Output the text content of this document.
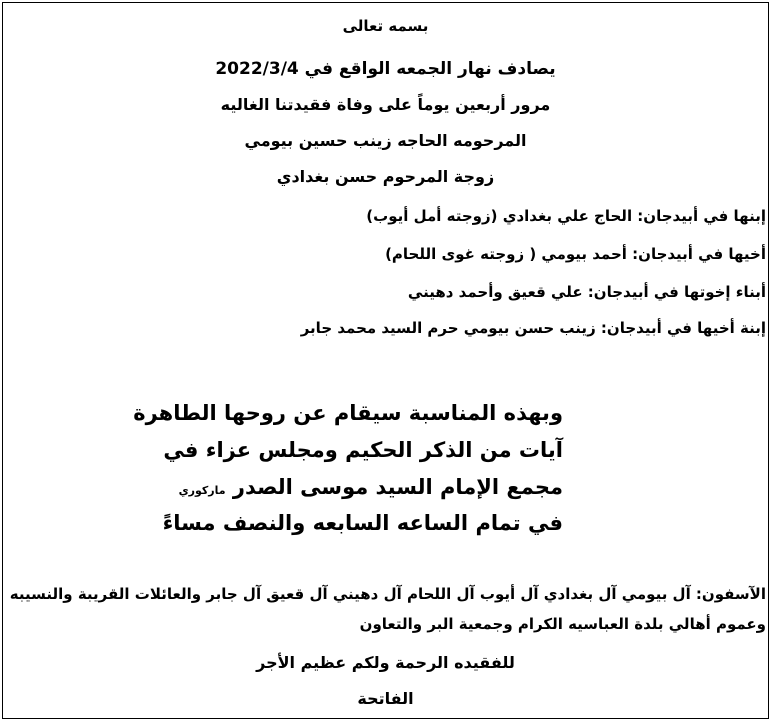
بسمه تعالى
يصادف نهار الجمعه الواقع في 2022/3/4
مرور أربعين يوماً على وفاة فقيدتنا الغاليه
المرحومه الحاجه زينب حسين بيومي
زوجة المرحوم حسن بغدادي
إبنها في أبيدجان: الحاج علي بغدادي (زوجته أمل أيوب)
أخيها في أبيدجان: أحمد بيومي ( زوجته غوى اللحام)
أبناء إخوتها في أبيدجان: علي قعيق وأحمد دهيني
إبنة أخيها في أبيدجان: زينب حسن بيومي حرم السيد محمد جابر
وبهذه المناسبة سيقام عن روحها الطاهرة
آيات من الذكر الحكيم ومجلس عزاء في
مجمع الإمام السيد موسى الصدر ماركوري
في تمام الساعه السابعه والنصف مساءً
الآسفون: آل بيومي آل بغدادي آل أيوب آل اللحام آل دهيني آل قعيق آل جابر والعائلات القريبة والنسيبه
وعموم أهالي بلدة العباسيه الكرام وجمعية البر والتعاون
للفقيده الرحمة ولكم عظيم الأجر
الفاتحة
